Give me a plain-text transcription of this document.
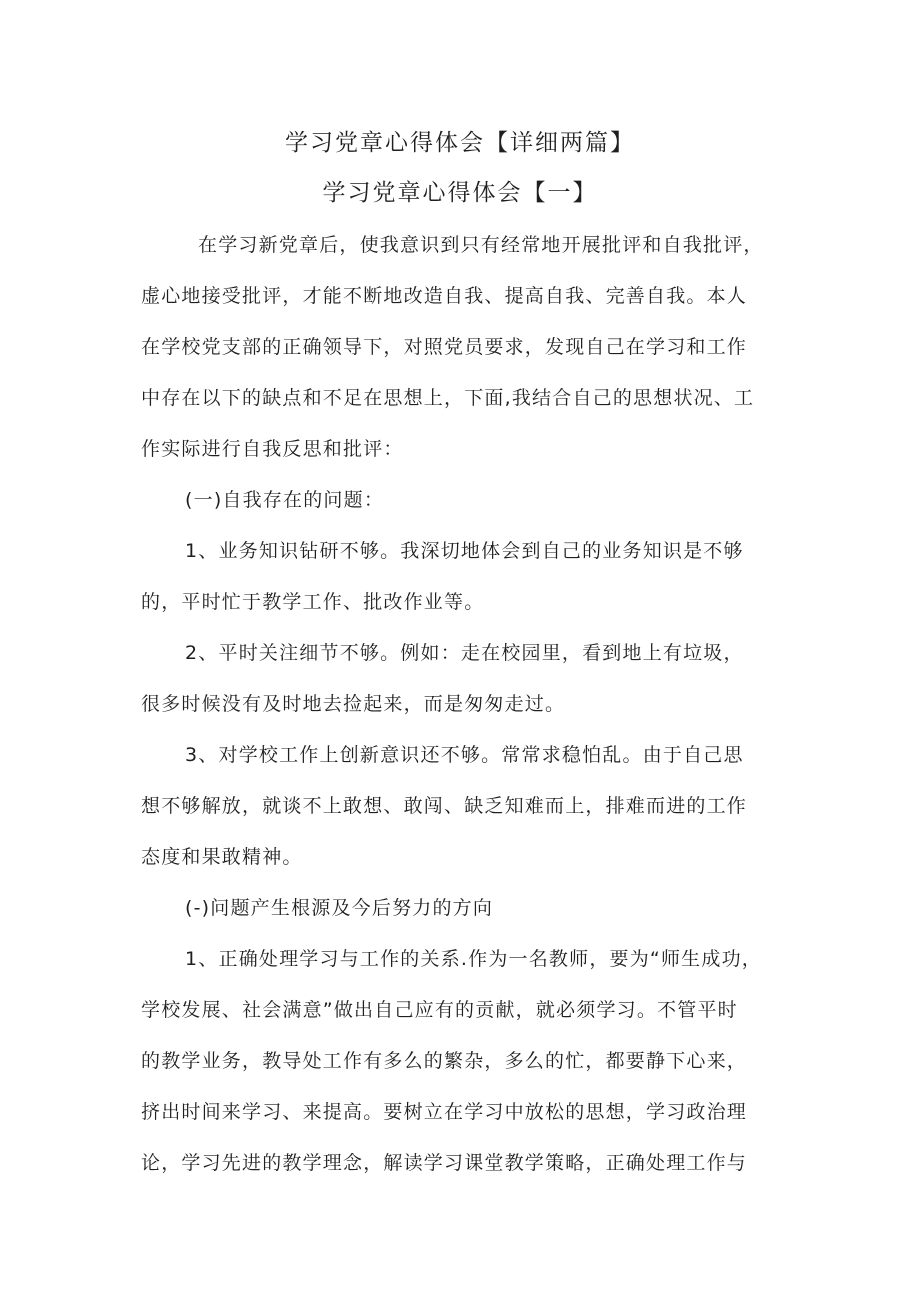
学习党章心得体会【详细两篇】
学习党章心得体会【一】
在学习新党章后，使我意识到只有经常地开展批评和自我批评，
虚心地接受批评，才能不断地改造自我、提高自我、完善自我。本人
在学校党支部的正确领导下，对照党员要求，发现自己在学习和工作
中存在以下的缺点和不足在思想上，下面,我结合自己的思想状况、工
作实际进行自我反思和批评：
(一)自我存在的问题：
1、业务知识钻研不够。我深切地体会到自己的业务知识是不够
的，平时忙于教学工作、批改作业等。
2、平时关注细节不够。例如：走在校园里，看到地上有垃圾，
很多时候没有及时地去捡起来，而是匆匆走过。
3、对学校工作上创新意识还不够。常常求稳怕乱。由于自己思
想不够解放，就谈不上敢想、敢闯、缺乏知难而上，排难而进的工作
态度和果敢精神。
(-)问题产生根源及今后努力的方向
1、正确处理学习与工作的关系.作为一名教师，要为“师生成功，
学校发展、社会满意”做出自己应有的贡献，就必须学习。不管平时
的教学业务，教导处工作有多么的繁杂，多么的忙，都要静下心来，
挤出时间来学习、来提高。要树立在学习中放松的思想，学习政治理
论，学习先进的教学理念，解读学习课堂教学策略，正确处理工作与
